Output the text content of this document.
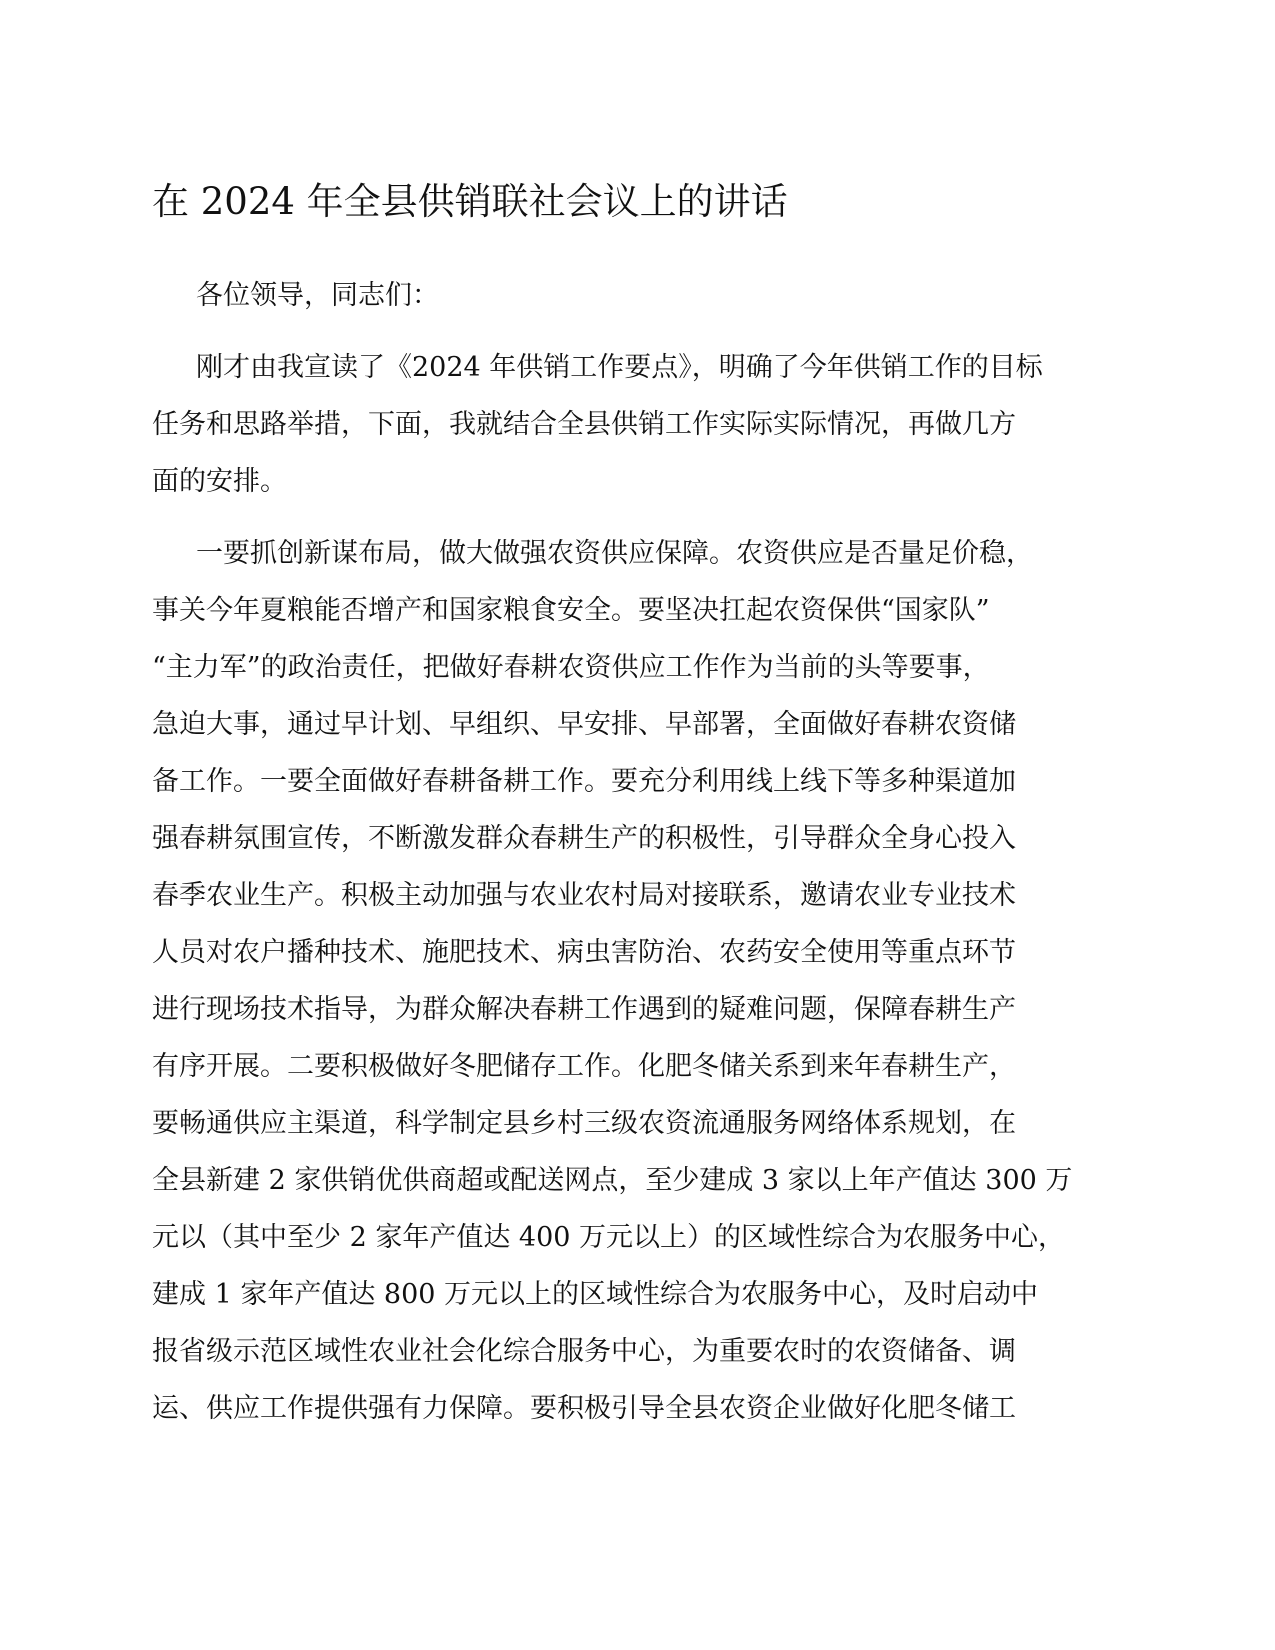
在 2024 年全县供销联社会议上的讲话

各位领导，同志们：

刚才由我宣读了《2024 年供销工作要点》，明确了今年供销工作的目标
任务和思路举措，下面，我就结合全县供销工作实际实际情况，再做几方
面的安排。

一要抓创新谋布局，做大做强农资供应保障。农资供应是否量足价稳，
事关今年夏粮能否增产和国家粮食安全。要坚决扛起农资保供“国家队”
“主力军”的政治责任，把做好春耕农资供应工作作为当前的头等要事，
急迫大事，通过早计划、早组织、早安排、早部署，全面做好春耕农资储
备工作。一要全面做好春耕备耕工作。要充分利用线上线下等多种渠道加
强春耕氛围宣传，不断激发群众春耕生产的积极性，引导群众全身心投入
春季农业生产。积极主动加强与农业农村局对接联系，邀请农业专业技术
人员对农户播种技术、施肥技术、病虫害防治、农药安全使用等重点环节
进行现场技术指导，为群众解决春耕工作遇到的疑难问题，保障春耕生产
有序开展。二要积极做好冬肥储存工作。化肥冬储关系到来年春耕生产，
要畅通供应主渠道，科学制定县乡村三级农资流通服务网络体系规划，在
全县新建 2 家供销优供商超或配送网点，至少建成 3 家以上年产值达 300 万
元以（其中至少 2 家年产值达 400 万元以上）的区域性综合为农服务中心，
建成 1 家年产值达 800 万元以上的区域性综合为农服务中心，及时启动中
报省级示范区域性农业社会化综合服务中心，为重要农时的农资储备、调
运、供应工作提供强有力保障。要积极引导全县农资企业做好化肥冬储工
